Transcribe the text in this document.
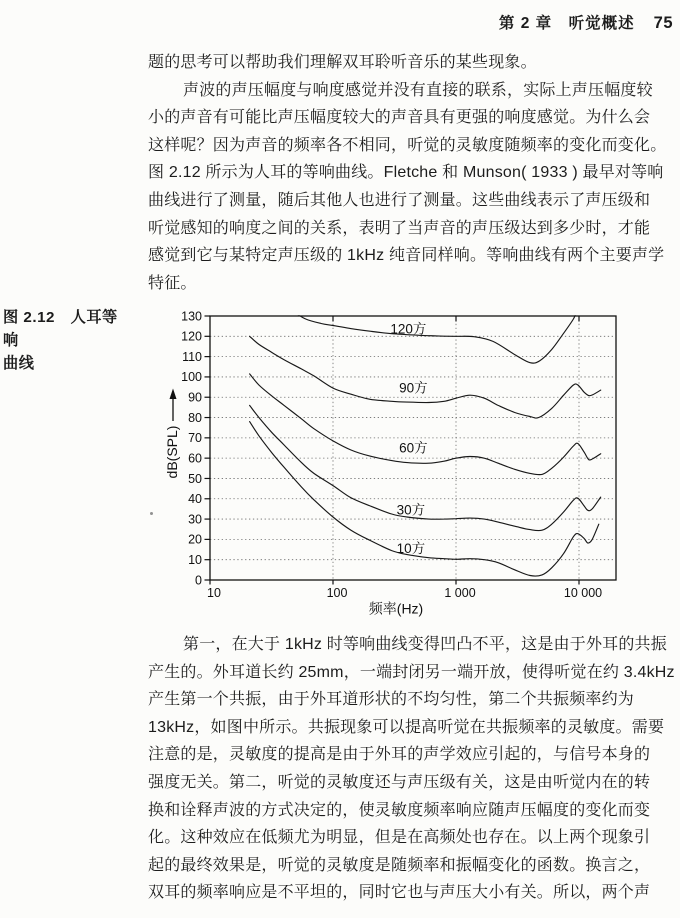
第 2 章　听觉概述 75
题的思考可以帮助我们理解双耳聆听音乐的某些现象。
声波的声压幅度与响度感觉并没有直接的联系，实际上声压幅度较
小的声音有可能比声压幅度较大的声音具有更强的响度感觉。为什么会
这样呢？因为声音的频率各不相同，听觉的灵敏度随频率的变化而变化。
图 2.12 所示为人耳的等响曲线。Fletche 和 Munson( 1933 ) 最早对等响
曲线进行了测量，随后其他人也进行了测量。这些曲线表示了声压级和
听觉感知的响度之间的关系，表明了当声音的声压级达到多少时，才能
感觉到它与某特定声压级的 1kHz 纯音同样响。等响曲线有两个主要声学
特征。
图 2.12　人耳等响
曲线
0
10
20
30
40
50
60
70
80
90
100
110
120
130
10	100	1 000	10 000
120方
90方
60方
30方
10方
频率(Hz)
dB(SPL)
第一，在大于 1kHz 时等响曲线变得凹凸不平，这是由于外耳的共振
产生的。外耳道长约 25mm，一端封闭另一端开放，使得听觉在约 3.4kHz
产生第一个共振，由于外耳道形状的不均匀性，第二个共振频率约为
13kHz，如图中所示。共振现象可以提高听觉在共振频率的灵敏度。需要
注意的是，灵敏度的提高是由于外耳的声学效应引起的，与信号本身的
强度无关。第二，听觉的灵敏度还与声压级有关，这是由听觉内在的转
换和诠释声波的方式决定的，使灵敏度频率响应随声压幅度的变化而变
化。这种效应在低频尤为明显，但是在高频处也存在。以上两个现象引
起的最终效果是，听觉的灵敏度是随频率和振幅变化的函数。换言之，
双耳的频率响应是不平坦的，同时它也与声压大小有关。所以，两个声
